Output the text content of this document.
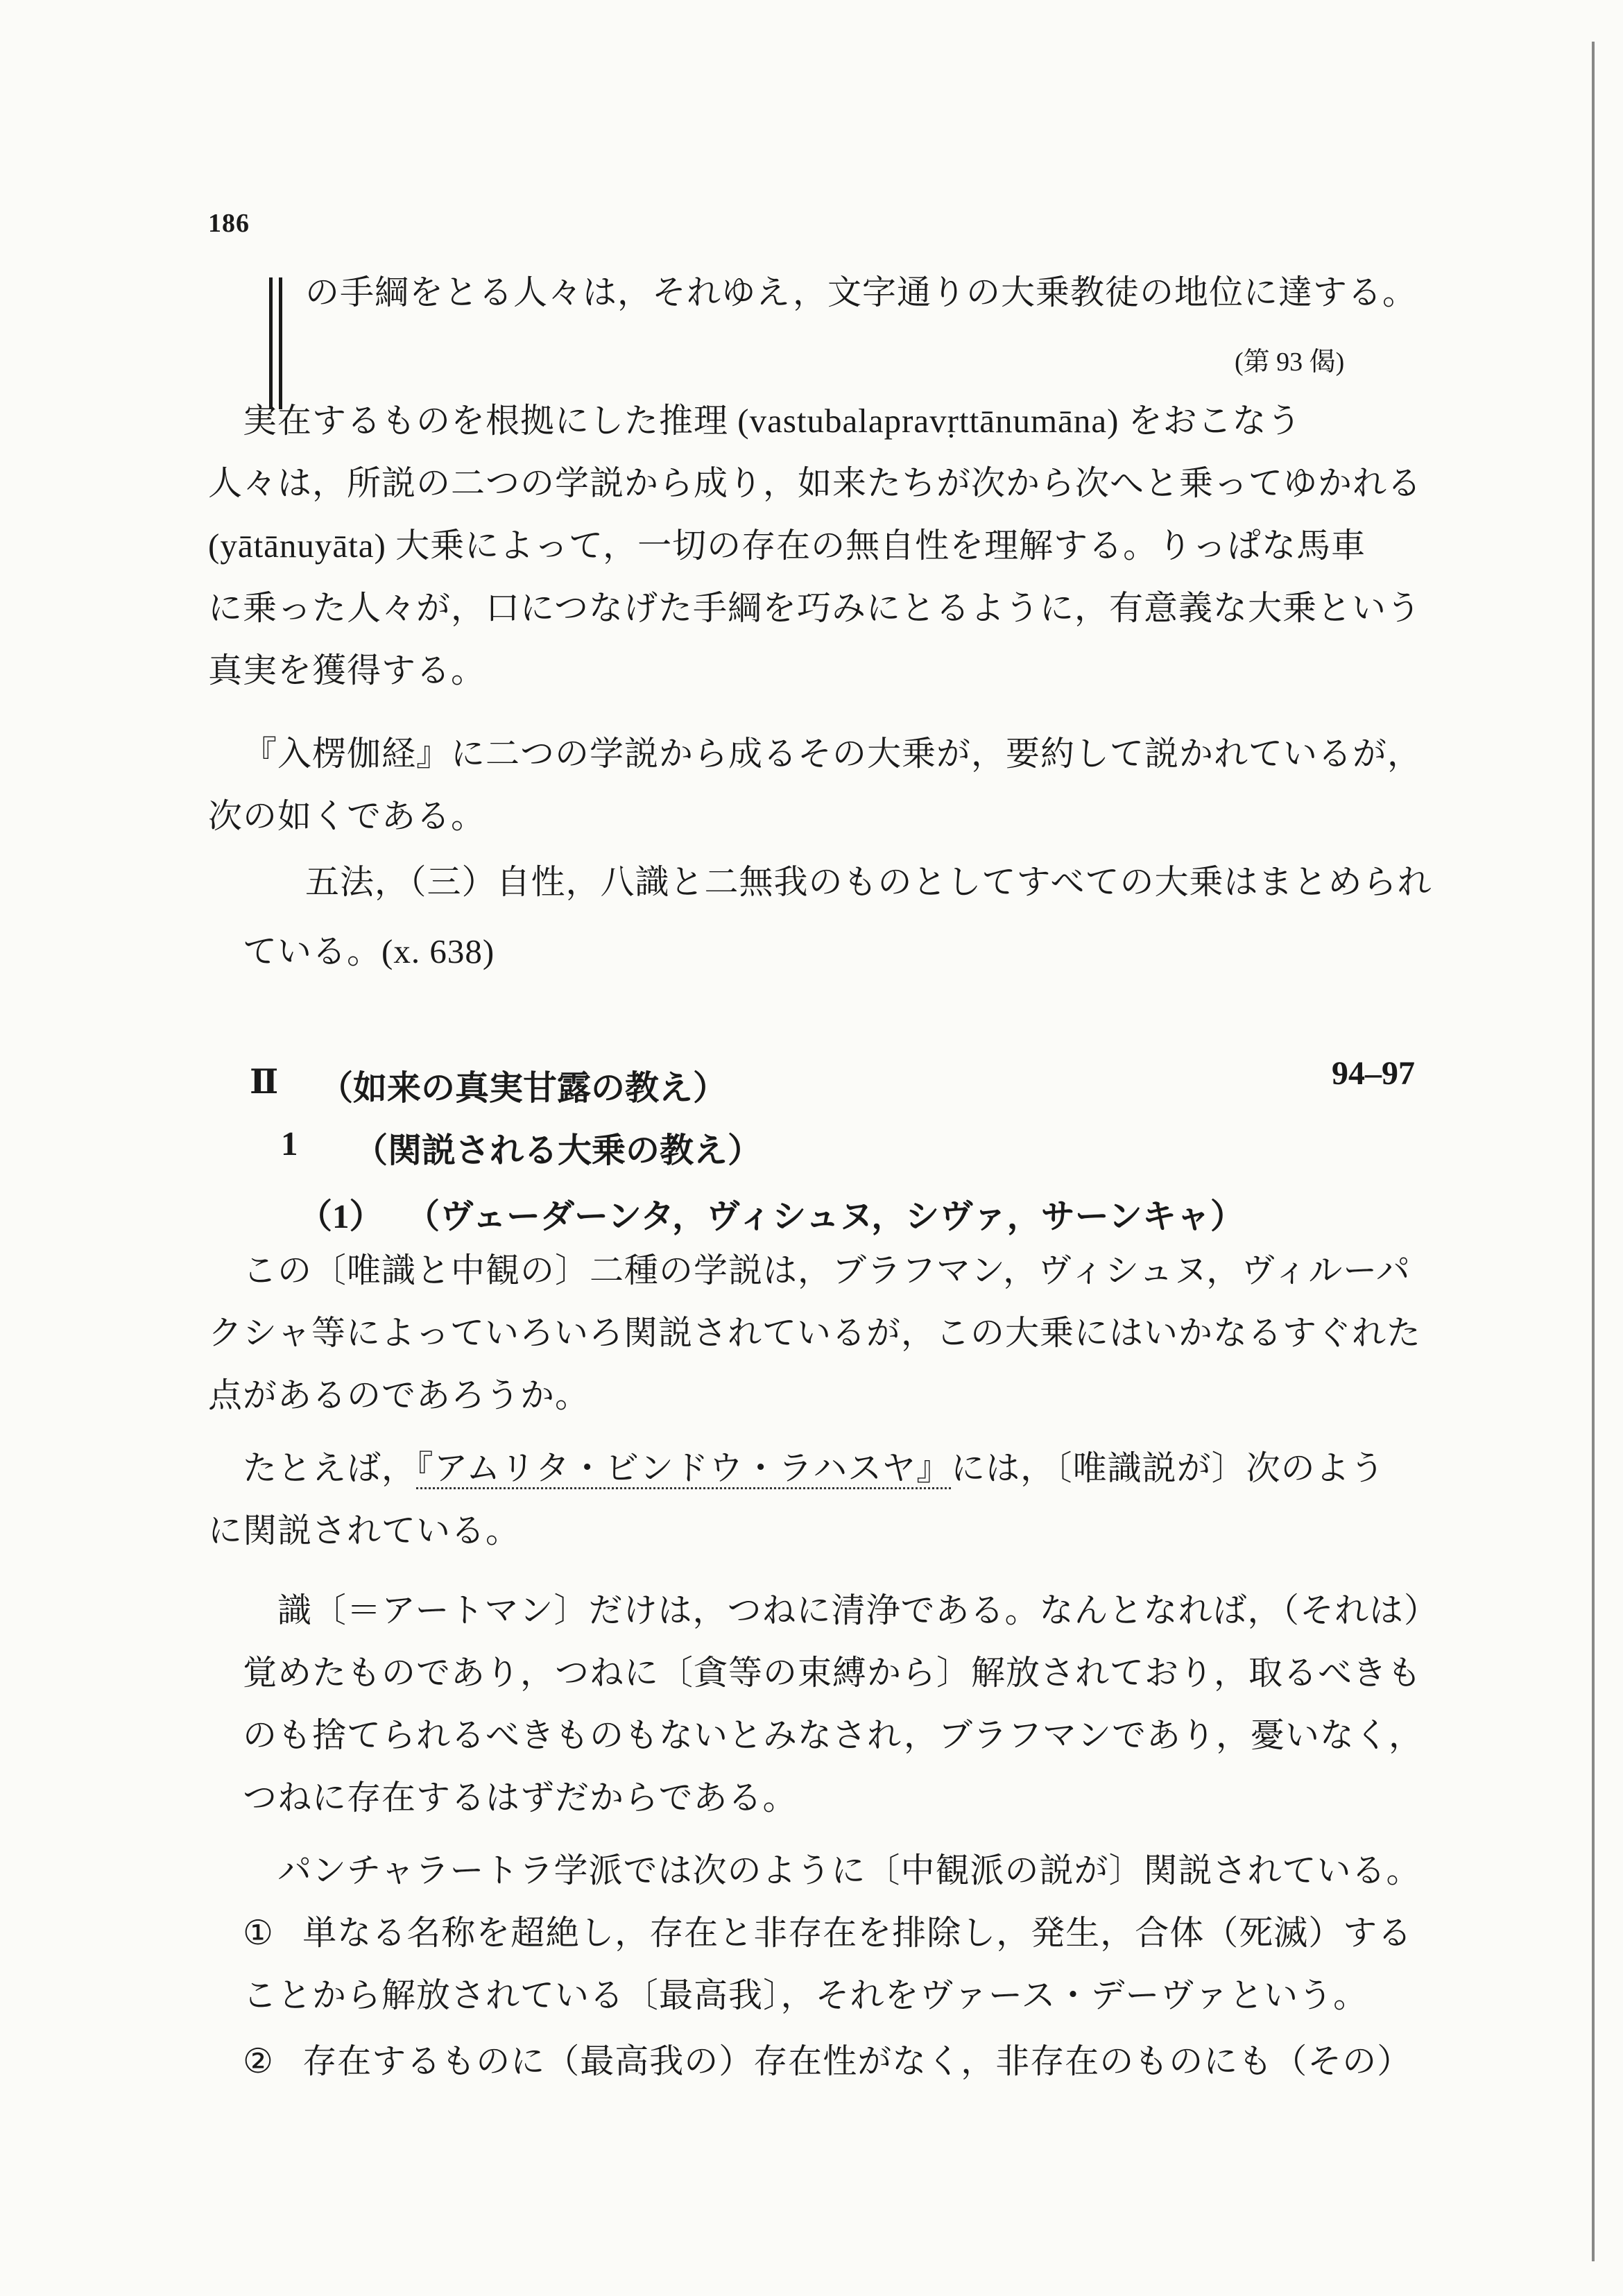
186
の手綱をとる人々は，それゆえ，文字通りの大乗教徒の地位に達する。
(第 93 偈)
実在するものを根拠にした推理 (vastubalapravṛttānumāna) をおこなう
人々は，所説の二つの学説から成り，如来たちが次から次へと乗ってゆかれる
(yātānuyāta) 大乗によって，一切の存在の無自性を理解する。りっぱな馬車
に乗った人々が，口につなげた手綱を巧みにとるように，有意義な大乗という
真実を獲得する。
『入楞伽経』に二つの学説から成るその大乗が，要約して説かれているが，
次の如くである。
五法，（三）自性，八識と二無我のものとしてすべての大乗はまとめられ
ている。(x. 638)
Ⅱ （如来の真実甘露の教え）	94–97
1 （関説される大乗の教え）
（1） （ヴェーダーンタ，ヴィシュヌ，シヴァ，サーンキャ）
この〔唯識と中観の〕二種の学説は，ブラフマン，ヴィシュヌ，ヴィルーパ
クシャ等によっていろいろ関説されているが，この大乗にはいかなるすぐれた
点があるのであろうか。
たとえば，『アムリタ・ビンドウ・ラハスヤ』には，〔唯識説が〕次のよう
に関説されている。
識〔＝アートマン〕だけは，つねに清浄である。なんとなれば，（それは）
覚めたものであり，つねに〔貪等の束縛から〕解放されており，取るべきも
のも捨てられるべきものもないとみなされ，ブラフマンであり，憂いなく，
つねに存在するはずだからである。
パンチャラートラ学派では次のように〔中観派の説が〕関説されている。
① 単なる名称を超絶し，存在と非存在を排除し，発生，合体（死滅）する
ことから解放されている〔最高我〕，それをヴァース・デーヴァという。
② 存在するものに（最高我の）存在性がなく，非存在のものにも（その）
